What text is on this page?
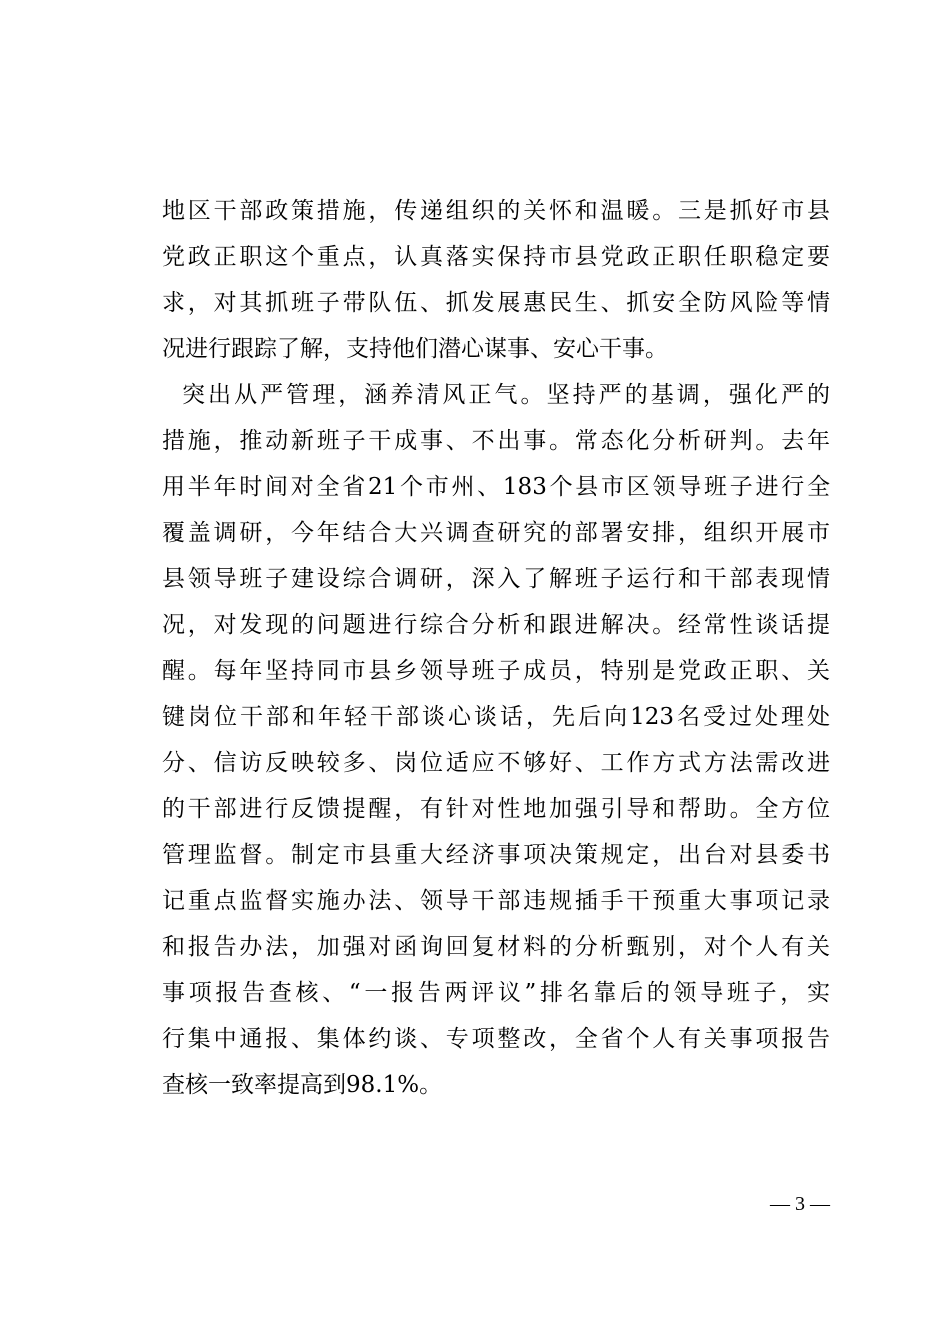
地区干部政策措施，传递组织的关怀和温暖。三是抓好市县
党政正职这个重点，认真落实保持市县党政正职任职稳定要
求，对其抓班子带队伍、抓发展惠民生、抓安全防风险等情
况进行跟踪了解，支持他们潜心谋事、安心干事。
突出从严管理，涵养清风正气。坚持严的基调，强化严的
措施，推动新班子干成事、不出事。常态化分析研判。去年
用半年时间对全省21个市州、183个县市区领导班子进行全
覆盖调研，今年结合大兴调查研究的部署安排，组织开展市
县领导班子建设综合调研，深入了解班子运行和干部表现情
况，对发现的问题进行综合分析和跟进解决。经常性谈话提
醒。每年坚持同市县乡领导班子成员，特别是党政正职、关
键岗位干部和年轻干部谈心谈话，先后向123名受过处理处
分、信访反映较多、岗位适应不够好、工作方式方法需改进
的干部进行反馈提醒，有针对性地加强引导和帮助。全方位
管理监督。制定市县重大经济事项决策规定，出台对县委书
记重点监督实施办法、领导干部违规插手干预重大事项记录
和报告办法，加强对函询回复材料的分析甄别，对个人有关
事项报告查核、“一报告两评议”排名靠后的领导班子，实
行集中通报、集体约谈、专项整改，全省个人有关事项报告
查核一致率提高到98.1%。
— 3 —
